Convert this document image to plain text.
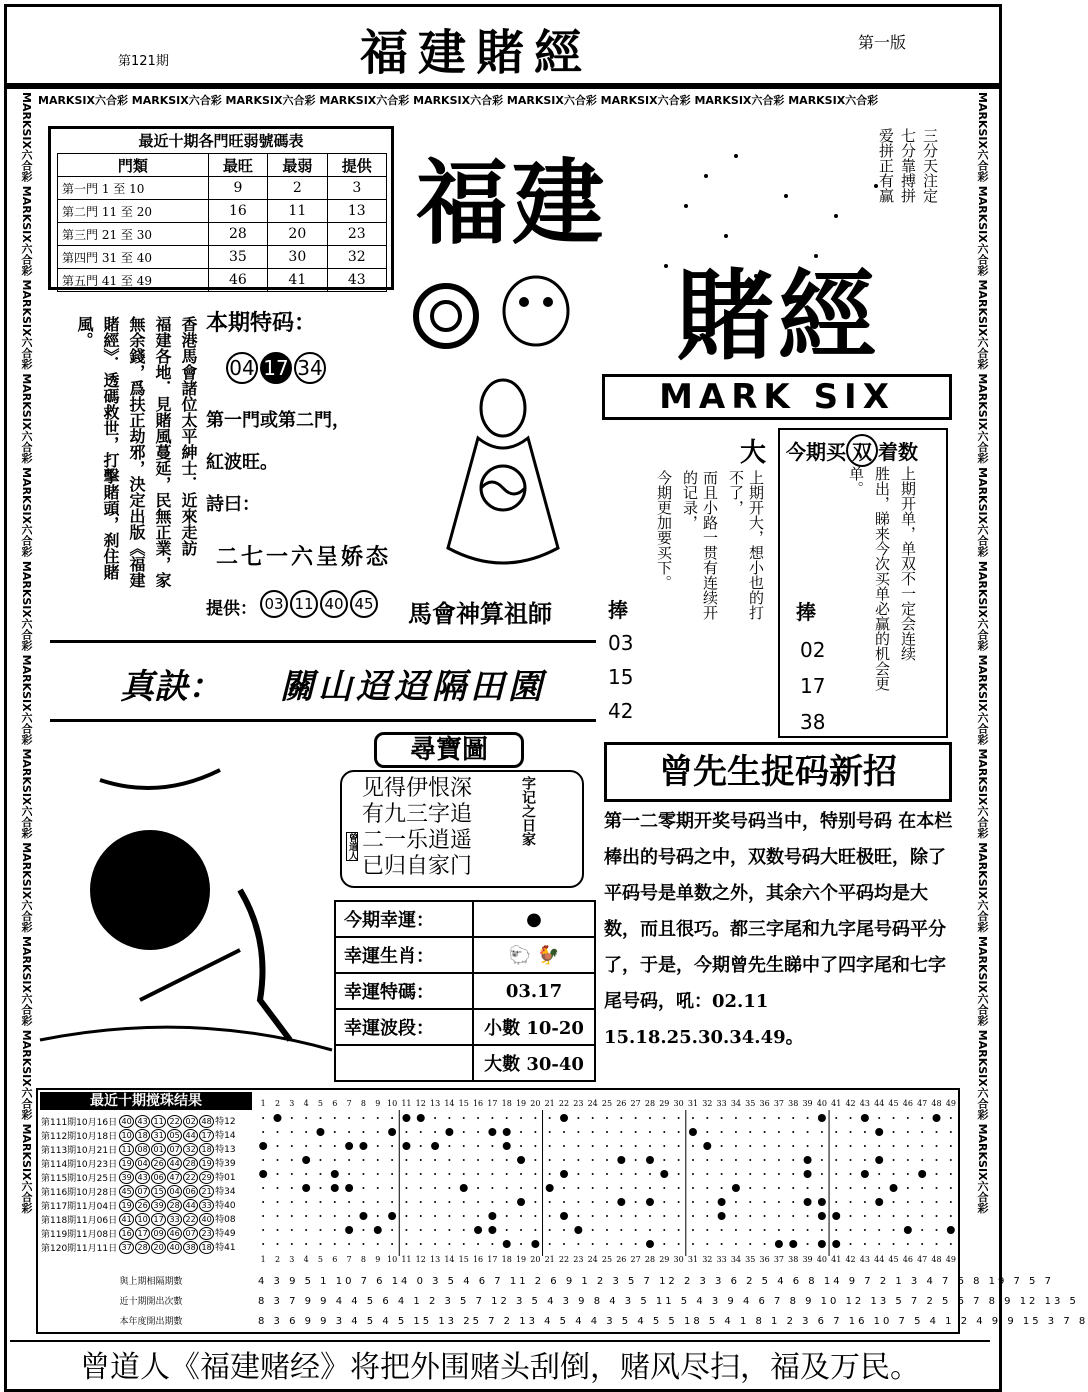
第121期	福建賭經	第一版
MARKSIX六合彩 MARKSIX六合彩 MARKSIX六合彩 MARKSIX六合彩 MARKSIX六合彩 MARKSIX六合彩 MARKSIX六合彩 MARKSIX六合彩 MARKSIX六合彩
MARKSIX六合彩 MARKSIX六合彩 MARKSIX六合彩 MARKSIX六合彩 MARKSIX六合彩 MARKSIX六合彩 MARKSIX六合彩 MARKSIX六合彩 MARKSIX六合彩 MARKSIX六合彩 MARKSIX六合彩 MARKSIX六合彩	MARKSIX六合彩 MARKSIX六合彩 MARKSIX六合彩 MARKSIX六合彩 MARKSIX六合彩 MARKSIX六合彩 MARKSIX六合彩 MARKSIX六合彩 MARKSIX六合彩 MARKSIX六合彩 MARKSIX六合彩 MARKSIX六合彩
最近十期各門旺弱號碼表
門類	最旺	最弱	提供
第一門 1 至 10	9	2	3
第二門 11 至 20	16	11	13
第三門 21 至 30	28	20	23
第四門 31 至 40	35	30	32
第五門 41 至 49	46	41	43
福建
賭經
三分天注定
七分靠搏拼
爱拼正有赢
MARK SIX
香港馬會諸位太平紳士．近來走訪
福建各地．見賭風蔓延，民無正業，家
無余錢，爲扶正劫邪，決定出版《福建
賭經》．透碼救世，打擊賭頭，刹住賭
風。	本期特码：
04 17 34
第一門或第二門，
紅波旺。
詩曰：
二七一六呈娇态
提供： 03 11 40 45 馬會神算祖師
大 今期买 双 着数
上期开大，想小也的打不了，
而且小路一贯有连续开的记录，
今期更加要买下。
捧
03
15
42
上期开单，单双不一定会连续
胜出，睇来今次买单必赢的机会更
单。
捧
02
17
38
真訣： 關山迢迢隔田園
尋寶圖
见得伊恨深
有九三字追
二一乐逍遥
已归自家门
字记之日家
曾道人
今期幸運：	●
幸運生肖：	🐑 🐓
幸運特碼：	03.17
幸運波段：	小數 10-20
	大數 30-40
曾先生捉码新招
第一二零期开奖号码当中，特别号码 在本栏棒出的号码之中，双数号码大旺极旺，除了平码号是单数之外，其余六个平码均是大数，而且很巧。都三字尾和九字尾号码平分了，于是，今期曾先生睇中了四字尾和七字尾号码，吼：02.11 15.18.25.30.34.49。
最近十期搅珠结果
第111期10月16日	40 43 11 22 02 48 特12
第112期10月18日	10 18 31 05 44 17 特14
第113期10月21日	11 08 01 07 32 18 特13
第114期10月23日	19 04 26 44 28 19 特39
第115期10月25日	39 43 06 47 22 29 特01
第116期10月28日	45 07 15 04 06 21 特34
第117期11月04日	19 26 39 28 44 33 特40
第118期11月06日	41 10 17 33 22 40 特08
第119期11月08日	16 17 09 46 07 23 特49
第120期11月11日	37 28 20 40 38 18 特41
1
1
2
2
3
3
4
4
5
5
6
6
7
7
8
8
9
9
10
10
11
11
12
12
13
13
14
14
15
15
16
16
17
17
18
18
19
19
20
20
21
21
22
22
23
23
24
24
25
25
26
26
27
27
28
28
29
29
30
30
31
31
32
32
33
33
34
34
35
35
36
36
37
37
38
38
39
39
40
40
41
41
42
42
43
43
44
44
45
45
46
46
47
47
48
48
49
49
與上期相隔期數
近十期開出次數
本年度開出期數
4 3 9 5 1 10 7 6 14 0 3 5 4 6 7 11 2 6 9 1 2 3 5 7 12 2 3 3 6 2 5 4 6 8 14 9 7 2 1 3 4 7 6 8 19 7 5 7
8 3 7 9 9 4 4 5 6 4 1 2 3 5 7 12 3 5 4 3 9 8 4 3 5 11 5 4 3 9 4 6 7 8 9 10 12 13 5 7 2 5 6 7 8 9 12 13 5
8 3 6 9 9 3 4 5 4 5 15 13 25 7 2 13 4 5 4 4 3 5 4 5 5 18 5 4 1 8 1 2 3 6 7 16 10 7 5 4 1 2 4 9 9 15 3 7 8
曾道人《福建赌经》将把外围赌头刮倒，赌风尽扫，福及万民。
